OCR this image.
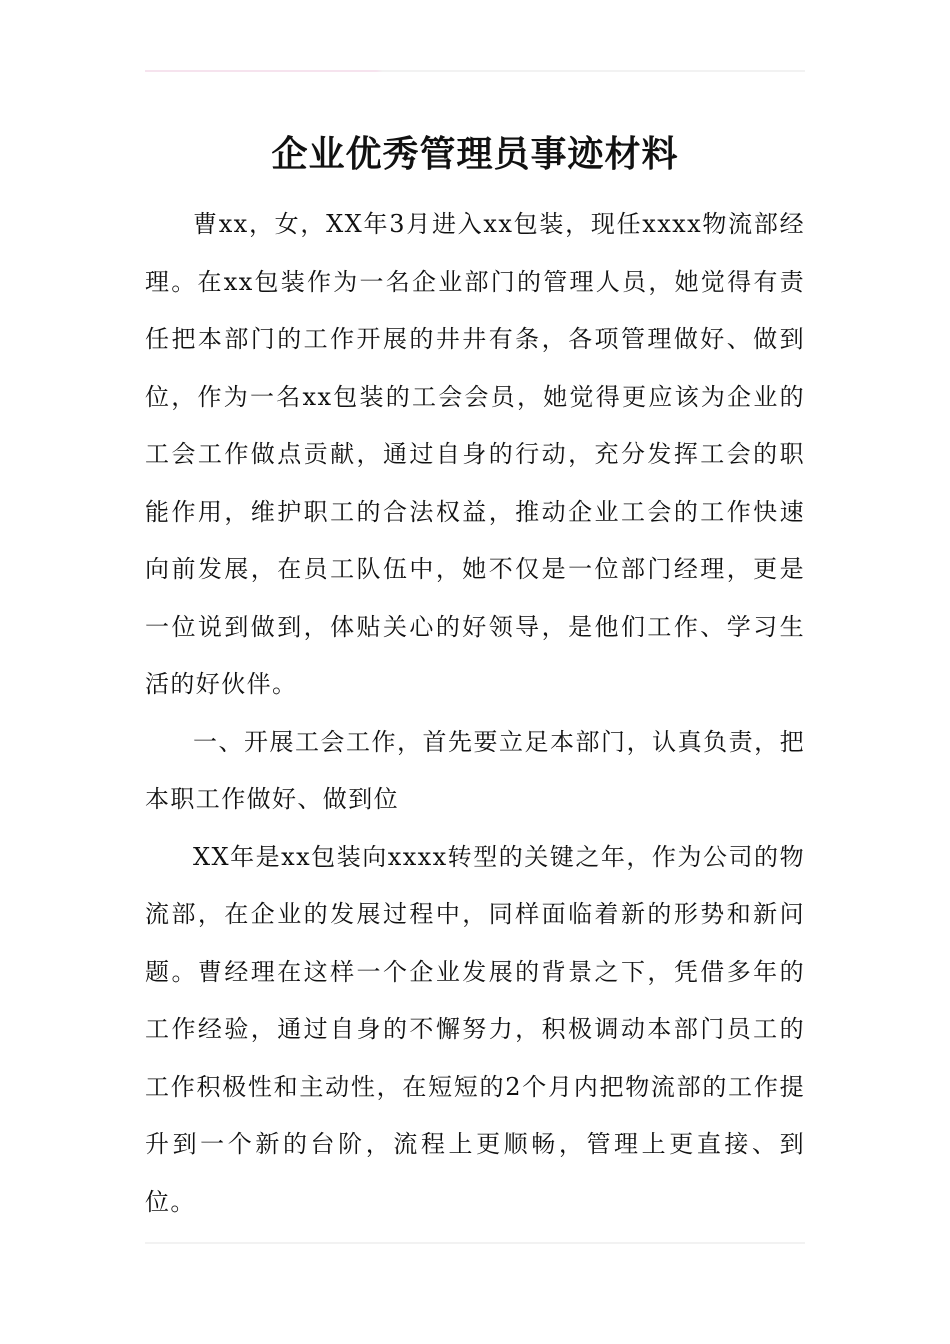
企业优秀管理员事迹材料

曹xx，女，XX年3月进入xx包装，现任xxxx物流部经理。在xx包装作为一名企业部门的管理人员，她觉得有责任把本部门的工作开展的井井有条，各项管理做好、做到位，作为一名xx包装的工会会员，她觉得更应该为企业的工会工作做点贡献，通过自身的行动，充分发挥工会的职能作用，维护职工的合法权益，推动企业工会的工作快速向前发展，在员工队伍中，她不仅是一位部门经理，更是一位说到做到，体贴关心的好领导，是他们工作、学习生活的好伙伴。

一、开展工会工作，首先要立足本部门，认真负责，把本职工作做好、做到位

XX年是xx包装向xxxx转型的关键之年，作为公司的物流部，在企业的发展过程中，同样面临着新的形势和新问题。曹经理在这样一个企业发展的背景之下，凭借多年的工作经验，通过自身的不懈努力，积极调动本部门员工的工作积极性和主动性，在短短的2个月内把物流部的工作提升到一个新的台阶，流程上更顺畅，管理上更直接、到位。
